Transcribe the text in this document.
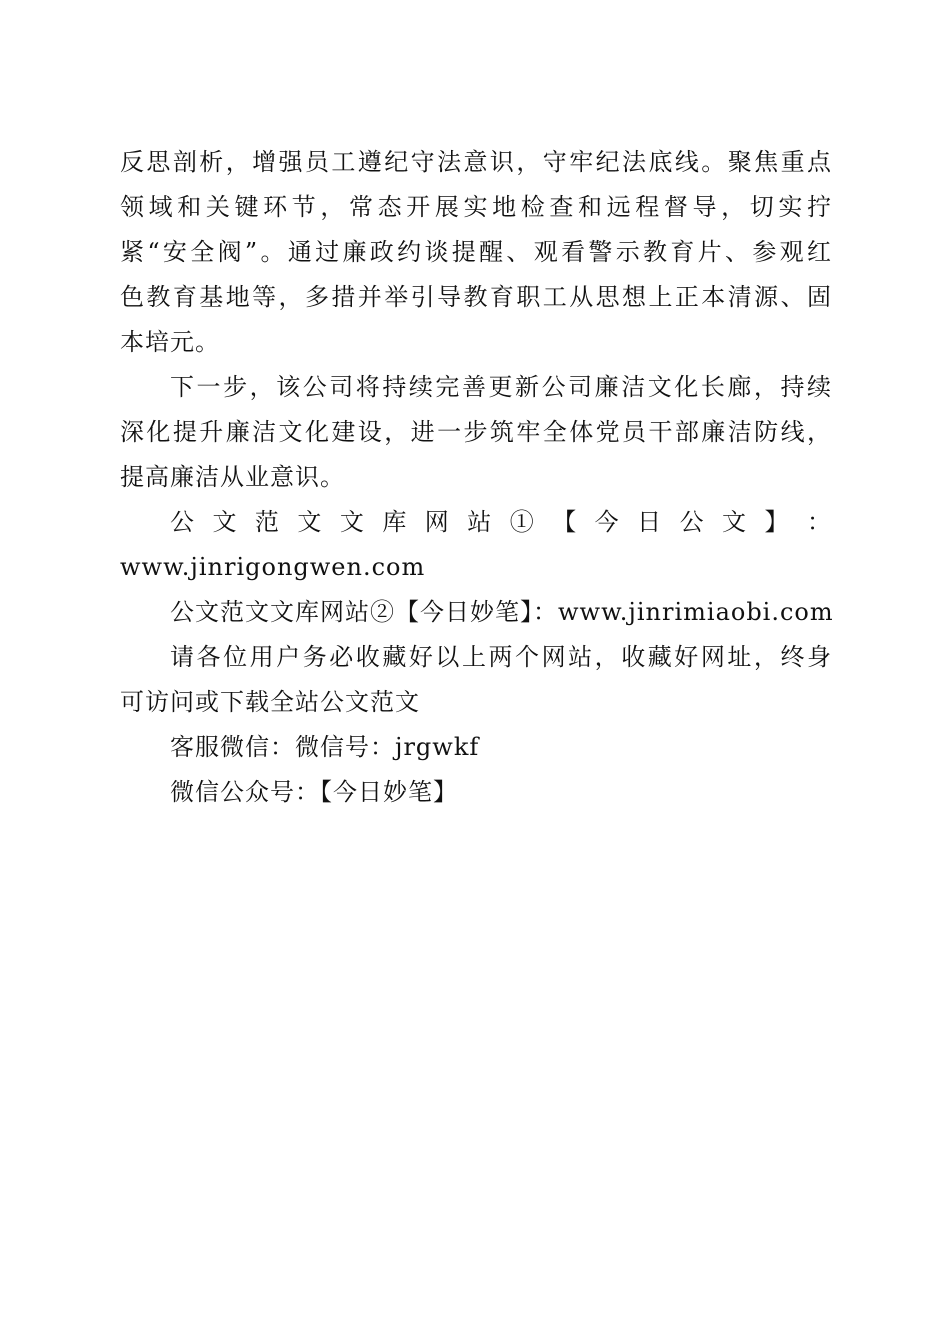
反思剖析，增强员工遵纪守法意识，守牢纪法底线。聚焦重点
领域和关键环节，常态开展实地检查和远程督导，切实拧
紧“安全阀”。通过廉政约谈提醒、观看警示教育片、参观红
色教育基地等，多措并举引导教育职工从思想上正本清源、固
本培元。
下一步，该公司将持续完善更新公司廉洁文化长廊，持续
深化提升廉洁文化建设，进一步筑牢全体党员干部廉洁防线，
提高廉洁从业意识。
公 文 范 文 文 库 网 站 ① 【 今 日 公 文 】 ：
www.jinrigongwen.com
公文范文文库网站②【今日妙笔】：www.jinrimiaobi.com
请各位用户务必收藏好以上两个网站，收藏好网址，终身
可访问或下载全站公文范文
客服微信：微信号：jrgwkf
微信公众号：【今日妙笔】
